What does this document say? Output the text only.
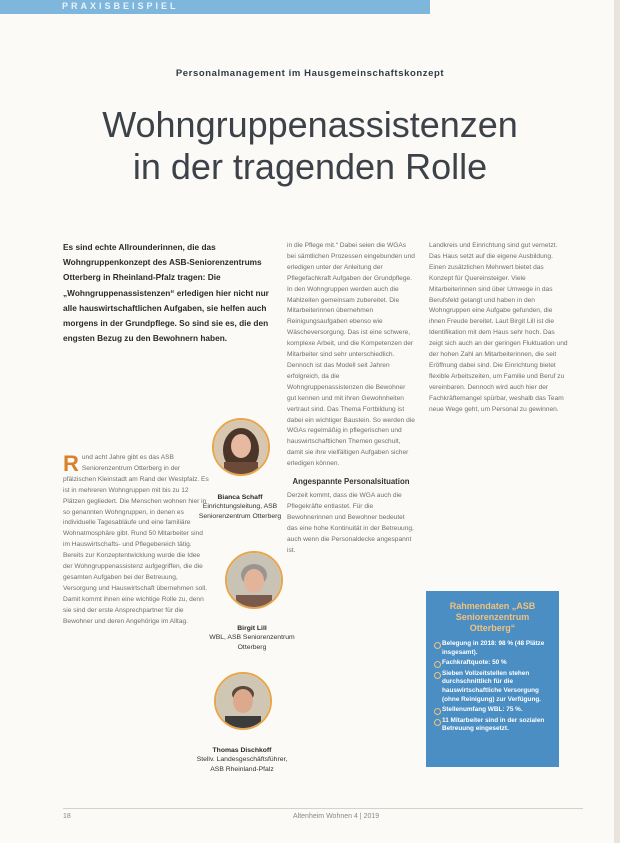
PRAXISBEISPIEL
Personalmanagement im Hausgemeinschaftskonzept
Wohngruppenassistenzen
in der tragenden Rolle
Es sind echte Allrounderinnen, die das Wohngruppenkonzept des ASB-Seniorenzentrums Otterberg in Rheinland-Pfalz tragen: Die „Wohngruppenassistenzen“ erledigen hier nicht nur alle hauswirtschaftlichen Aufgaben, sie helfen auch morgens in der Grundpflege. So sind sie es, die den engsten Bezug zu den Bewohnern haben.
R und acht Jahre gibt es das ASB Seniorenzentrum Otterberg in der pfälzischen Kleinstadt am Rand der Westpfalz. Es ist in mehreren Wohngruppen mit bis zu 12 Plätzen gegliedert. Die Menschen wohnen hier in so genannten Wohngruppen, in denen es individuelle Tagesabläufe und eine familiäre Wohnatmosphäre gibt. Rund 50 Mitarbeiter sind im Hauswirtschafts- und Pflegebereich tätig. Bereits zur Konzeptentwicklung wurde die Idee der Wohngruppenassistenz aufgegriffen, die die gesamten Aufgaben bei der Betreuung, Versorgung und Hauswirtschaft übernehmen soll. Damit kommt ihnen eine wichtige Rolle zu, denn sie sind der erste Ansprechpartner für die Bewohner und deren Angehörige im Alltag.
Bianca Schaff
Einrichtungsleitung, ASB Seniorenzentrum Otterberg
Birgit Lill
WBL, ASB Seniorenzentrum Otterberg
Thomas Dischkoff
Stellv. Landesgeschäftsführer, ASB Rheinland-Pfalz
in die Pflege mit.“ Dabei seien die WGAs bei sämtlichen Prozessen eingebunden und erledigen unter der Anleitung der Pflegefachkraft Aufgaben der Grundpflege. In den Wohngruppen werden auch die Mahlzeiten gemeinsam zubereitet. Die Mitarbeiterinnen übernehmen Reinigungsaufgaben ebenso wie Wäscheversorgung. Das ist eine schwere, komplexe Arbeit, und die Kompetenzen der Mitarbeiter sind sehr unterschiedlich. Dennoch ist das Modell seit Jahren erfolgreich, da die Wohngruppenassistenzen die Bewohner gut kennen und mit ihren Gewohnheiten vertraut sind. Das Thema Fortbildung ist dabei ein wichtiger Baustein. So werden die WGAs regelmäßig in pflegerischen und hauswirtschaftlichen Themen geschult, damit sie ihre vielfältigen Aufgaben sicher erledigen können.
Angespannte Personalsituation
Derzeit kommt, dass die WGA auch die Pflegekräfte entlastet. Für die Bewohnerinnen und Bewohner bedeutet das eine hohe Kontinuität in der Betreuung, auch wenn die Personaldecke angespannt ist.
Landkreis und Einrichtung sind gut vernetzt. Das Haus setzt auf die eigene Ausbildung. Einen zusätzlichen Mehrwert bietet das Konzept für Quereinsteiger. Viele Mitarbeiterinnen sind über Umwege in das Berufsfeld gelangt und haben in den Wohngruppen eine Aufgabe gefunden, die ihnen Freude bereitet. Laut Birgit Lill ist die Identifikation mit dem Haus sehr hoch. Das zeigt sich auch an der geringen Fluktuation und der hohen Zahl an Mitarbeiterinnen, die seit Eröffnung dabei sind. Die Einrichtung bietet flexible Arbeitszeiten, um Familie und Beruf zu vereinbaren. Dennoch wird auch hier der Fachkräftemangel spürbar, weshalb das Team neue Wege geht, um Personal zu gewinnen.
Rahmendaten „ASB Seniorenzentrum Otterberg“
Belegung in 2018: 98 % (48 Plätze insgesamt).
Fachkraftquote: 50 %
Sieben Vollzeitstellen stehen durchschnittlich für die hauswirtschaftliche Versorgung (ohne Reinigung) zur Verfügung.
Stellenumfang WBL: 75 %.
11 Mitarbeiter sind in der sozialen Betreuung eingesetzt.
18	Altenheim Wohnen 4 | 2019
